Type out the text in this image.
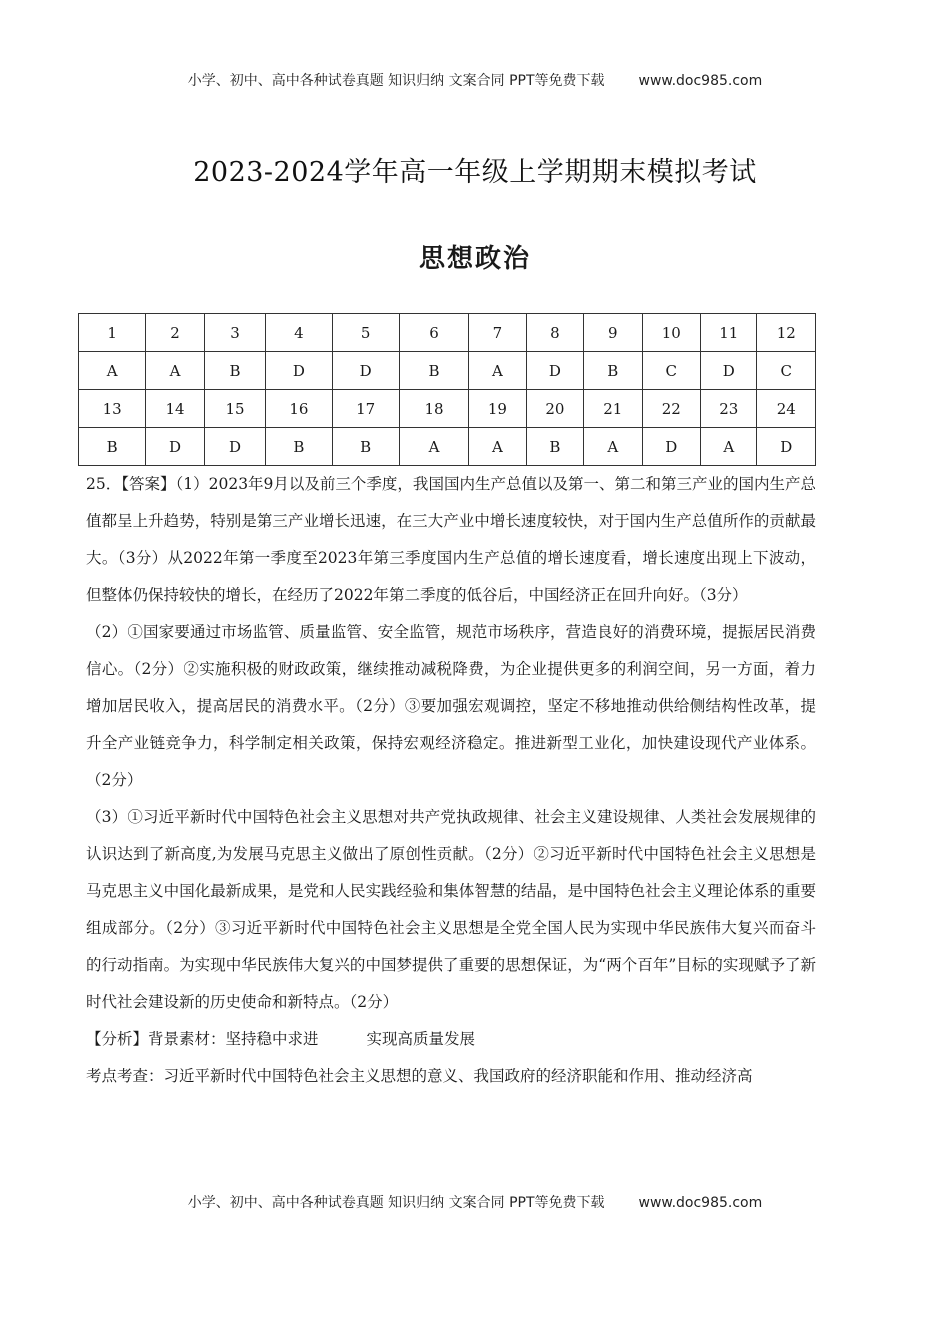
小学、初中、高中各种试卷真题 知识归纳 文案合同 PPT等免费下载 www.doc985.com
2023-2024学年高一年级上学期期末模拟考试
思想政治
1	2	3	4	5	6	7	8	9	10	11	12
A	A	B	D	D	B	A	D	B	C	D	C
13	14	15	16	17	18	19	20	21	22	23	24
B	D	D	B	B	A	A	B	A	D	A	D

25．【答案】（1）2023年9月以及前三个季度，我国国内生产总值以及第一、第二和第三产业的国内生产总值都呈上升趋势，特别是第三产业增长迅速，在三大产业中增长速度较快，对于国内生产总值所作的贡献最大。（3分）从2022年第一季度至2023年第三季度国内生产总值的增长速度看，增长速度出现上下波动，但整体仍保持较快的增长，在经历了2022年第二季度的低谷后，中国经济正在回升向好。（3分）

（2）①国家要通过市场监管、质量监管、安全监管，规范市场秩序，营造良好的消费环境，提振居民消费信心。（2分）②实施积极的财政政策，继续推动减税降费，为企业提供更多的利润空间，另一方面，着力增加居民收入，提高居民的消费水平。（2分）③要加强宏观调控，坚定不移地推动供给侧结构性改革，提升全产业链竞争力，科学制定相关政策，保持宏观经济稳定。推进新型工业化，加快建设现代产业体系。（2分）

（3）①习近平新时代中国特色社会主义思想对共产党执政规律、社会主义建设规律、人类社会发展规律的认识达到了新高度,为发展马克思主义做出了原创性贡献。（2分）②习近平新时代中国特色社会主义思想是马克思主义中国化最新成果，是党和人民实践经验和集体智慧的结晶，是中国特色社会主义理论体系的重要组成部分。（2分）③习近平新时代中国特色社会主义思想是全党全国人民为实现中华民族伟大复兴而奋斗的行动指南。为实现中华民族伟大复兴的中国梦提供了重要的思想保证，为“两个百年”目标的实现赋予了新时代社会建设新的历史使命和新特点。（2分）

【分析】背景素材：坚持稳中求进	实现高质量发展

考点考查：习近平新时代中国特色社会主义思想的意义、我国政府的经济职能和作用、推动经济高

小学、初中、高中各种试卷真题 知识归纳 文案合同 PPT等免费下载 www.doc985.com
